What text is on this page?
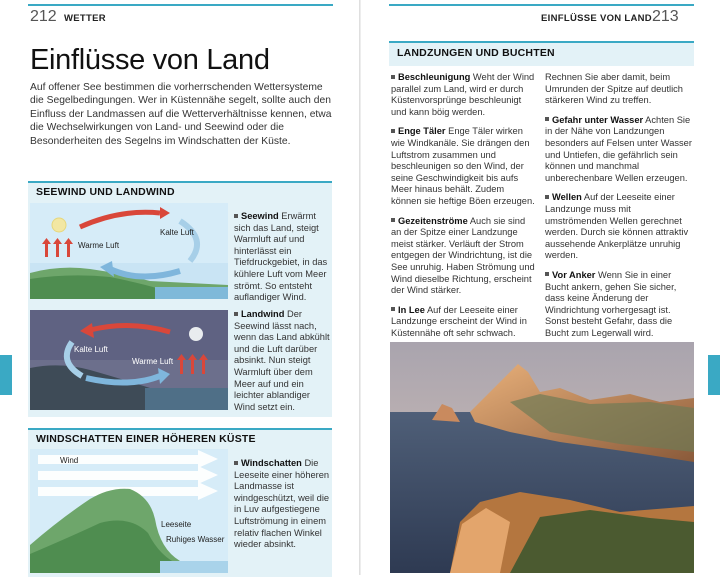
212 WETTER
Einflüsse von Land

Auf offener See bestimmen die vorherrschenden Wettersysteme die Segelbedingungen. Wer in Küstennähe segelt, sollte auch den Einfluss der Landmassen auf die Wetterverhältnisse kennen, etwa die Wechselwirkungen von Land- und Seewind oder die Besonderheiten des Segelns im Windschatten der Küste.

SEEWIND UND LANDWIND
Warme Luft
Kalte Luft
Seewind Erwärmt sich das Land, steigt Warmluft auf und hinterlässt ein Tiefdruckgebiet, in das kühlere Luft vom Meer strömt. So entsteht auflandiger Wind.
Kalte Luft
Warme Luft
Landwind Der Seewind lässt nach, wenn das Land abkühlt und die Luft darüber absinkt. Nun steigt Warmluft über dem Meer auf und ein leichter ablandiger Wind setzt ein.
WINDSCHATTEN EINER HÖHEREN KÜSTE
Wind
Leeseite
Ruhiges Wasser
Windschatten Die Leeseite einer höheren Landmasse ist windgeschützt, weil die in Luv aufgestiegene Luftströmung in einem relativ flachen Winkel wieder absinkt.
EINFLÜSSE VON LAND 213
LANDZUNGEN UND BUCHTEN

Beschleunigung Weht der Wind parallel zum Land, wird er durch Küstenvorsprünge beschleunigt und kann böig werden.

Enge Täler Enge Täler wirken wie Windkanäle. Sie drängen den Luftstrom zusammen und beschleunigen so den Wind, der seine Geschwindigkeit bis aufs Meer hinaus behält. Zudem können sie heftige Böen erzeugen.

Gezeitenströme Auch sie sind an der Spitze einer Landzunge meist stärker. Verläuft der Strom entgegen der Windrichtung, ist die See unruhig. Haben Strömung und Wind dieselbe Richtung, erscheint der Wind stärker.

In Lee Auf der Leeseite einer Landzunge erscheint der Wind in Küstennähe oft sehr schwach.

Rechnen Sie aber damit, beim Umrunden der Spitze auf deutlich stärkeren Wind zu treffen.

Gefahr unter Wasser Achten Sie in der Nähe von Landzungen besonders auf Felsen unter Wasser und Untiefen, die gefährlich sein können und manchmal unberechenbare Wellen erzeugen.

Wellen Auf der Leeseite einer Landzunge muss mit umströmenden Wellen gerechnet werden. Durch sie können attraktiv aussehende Ankerplätze unruhig werden.

Vor Anker Wenn Sie in einer Bucht ankern, gehen Sie sicher, dass keine Änderung der Windrichtung vorhergesagt ist. Sonst besteht Gefahr, dass die Bucht zum Legerwall wird.
